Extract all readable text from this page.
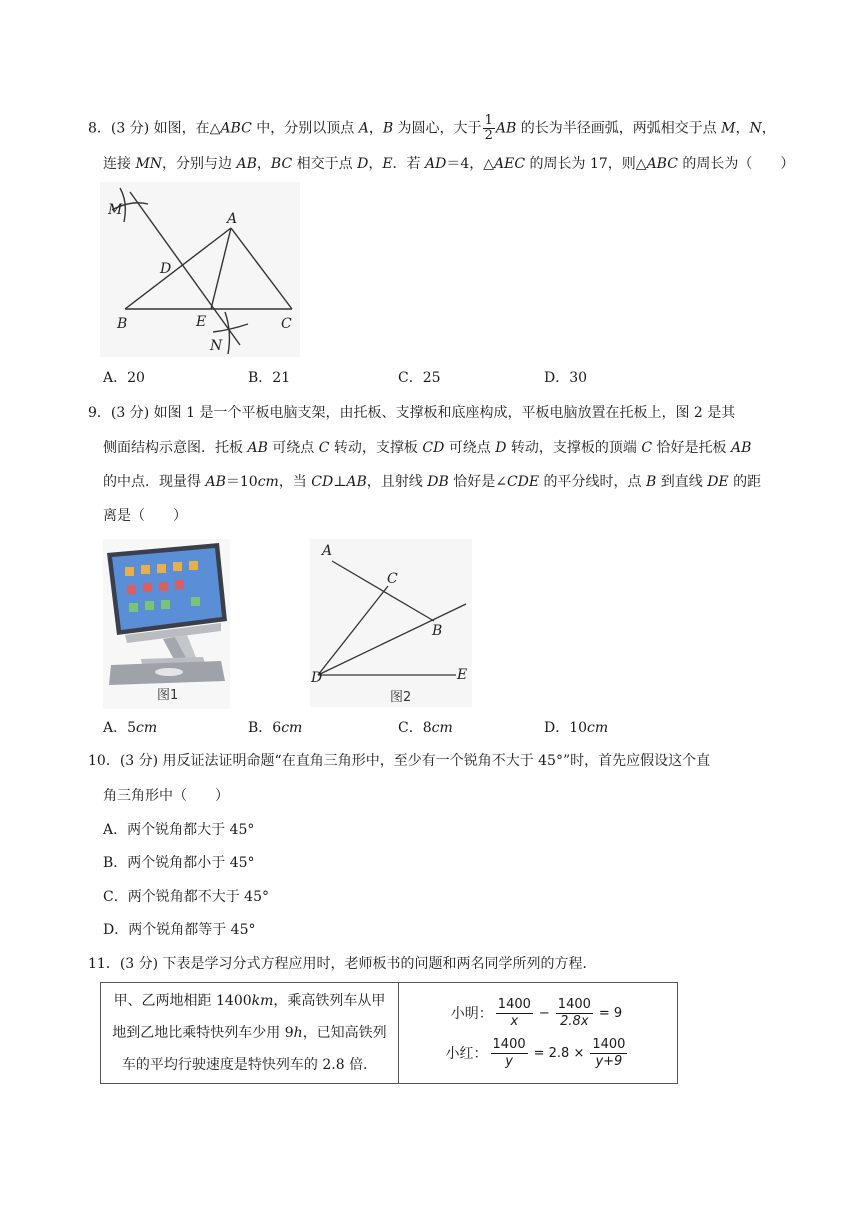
8．(3 分) 如图，在△ABC 中，分别以顶点 A，B 为圆心，大于 $\frac{1}{2}$ AB 的长为半径画弧，两弧相交于点 M，N，
连接 MN，分别与边 AB，BC 相交于点 D，E．若 AD＝4，△AEC 的周长为 17，则△ABC 的周长为（　　）
M
A
D
B	E	C
N
A．20	B．21	C．25	D．30
9．(3 分) 如图 1 是一个平板电脑支架，由托板、支撑板和底座构成，平板电脑放置在托板上，图 2 是其
侧面结构示意图．托板 AB 可绕点 C 转动，支撑板 CD 可绕点 D 转动，支撑板的顶端 C 恰好是托板 AB
的中点．现量得 AB＝10cm，当 CD⊥AB，且射线 DB 恰好是∠CDE 的平分线时，点 B 到直线 DE 的距
离是（　　）
图1
A
C
B
D	E
图2
A．5cm	B．6cm	C．8cm	D．10cm
10．(3 分) 用反证法证明命题“在直角三角形中，至少有一个锐角不大于 45°”时，首先应假设这个直
角三角形中（　　）
A．两个锐角都大于 45°
B．两个锐角都小于 45°
C．两个锐角都不大于 45°
D．两个锐角都等于 45°
11．(3 分) 下表是学习分式方程应用时，老师板书的问题和两名同学所列的方程．
甲、乙两地相距 1400km，乘高铁列车从甲
地到乙地比乘特快列车少用 9h，已知高铁列
车的平均行驶速度是特快列车的 2.8 倍．

小明：
1400
x
− $\frac{1400}{2.8x} = 9$
小红： $\frac{1400}{y} = 2.8 \times \frac{1400}{y+9}$
